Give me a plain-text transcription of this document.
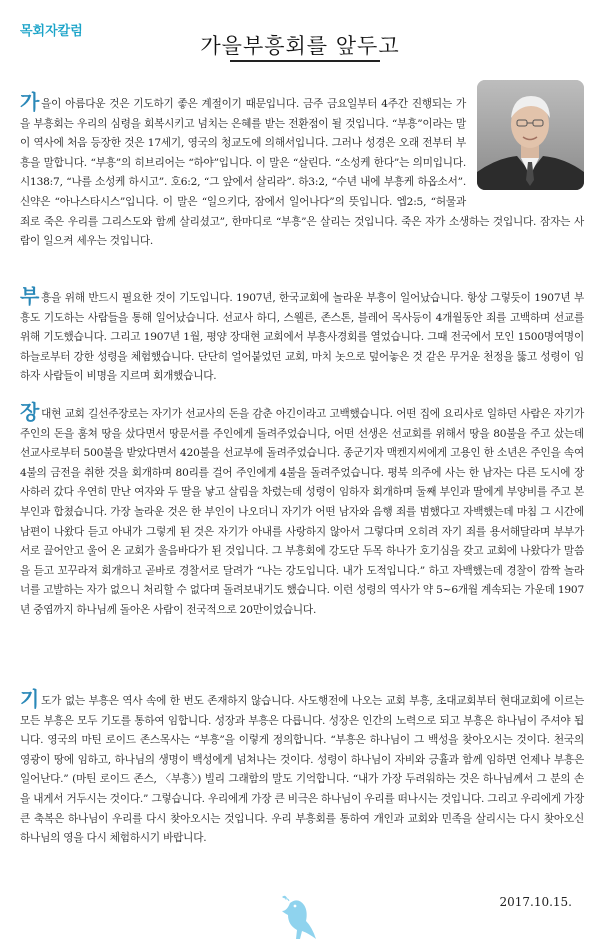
목회자칼럼
가을부흥회를 앞두고
가을이 아름다운 것은 기도하기 좋은 계절이기 때문입니다. 금주 금요일부터 4주간 진행되는 가을 부흥회는 우리의 심령을 회복시키고 넘치는 은혜를 받는 전환점이 될 것입니다. “부흥”이라는 말이 역사에 처음 등장한 것은 17세기, 영국의 청교도에 의해서입니다. 그러나 성경은 오래 전부터 부흥을 말합니다. “부흥”의 히브리어는 “하야”입니다. 이 말은 “살린다. “소성케 한다”는 의미입니다. 시138:7, “나를 소성케 하시고”. 호6:2, “그 앞에서 살리라”. 하3:2, “수년 내에 부흥케 하옵소서”. 신약은 “아나스타시스”입니다. 이 말은 “일으키다, 잠에서 일어나다”의 뜻입니다. 엡2:5, “허물과 죄로 죽은 우리를 그리스도와 함께 살리셨고”, 한마디로 “부흥”은 살리는 것입니다. 죽은 자가 소생하는 것입니다. 잠자는 사람이 일으켜 세우는 것입니다.
부흥을 위해 반드시 필요한 것이 기도입니다. 1907년, 한국교회에 놀라운 부흥이 일어났습니다. 항상 그렇듯이 1907년 부흥도 기도하는 사람들을 통해 일어났습니다. 선교사 하디, 스웰른, 존스톤, 블레어 목사등이 4개월동안 죄를 고백하며 선교를 위해 기도했습니다. 그리고 1907년 1월, 평양 장대현 교회에서 부흥사경회를 열었습니다. 그때 전국에서 모인 1500명여명이 하늘로부터 강한 성령을 체험했습니다. 단단히 얼어붙었던 교회, 마치 놋으로 덮어놓은 것 같은 무거운 천정을 뚫고 성령이 임하자 사람들이 비명을 지르며 회개했습니다.
장대현 교회 길선주장로는 자기가 선교사의 돈을 감춘 아긴이라고 고백했습니다. 어떤 집에 요리사로 일하던 사람은 자기가 주인의 돈을 훔쳐 땅을 샀다면서 땅문서를 주인에게 돌려주었습니다, 어떤 선생은 선교회를 위해서 땅을 80불을 주고 샀는데 선교사로부터 500불을 받았다면서 420불을 선교부에 돌려주었습니다. 종군기자 맥켄지씨에게 고용인 한 소년은 주인을 속여 4불의 금전을 취한 것을 회개하며 80리를 걸어 주인에게 4불을 돌려주었습니다. 평북 의주에 사는 한 남자는 다른 도시에 장사하러 갔다 우연히 만난 여자와 두 딸을 낳고 살림을 차렸는데 성령이 임하자 회개하며 둘째 부인과 딸에게 부양비를 주고 본부인과 합쳤습니다. 가장 놀라운 것은 한 부인이 나오더니 자기가 어떤 남자와 음행 죄를 범했다고 자백했는데 마침 그 시간에 남편이 나왔다 듣고 아내가 그렇게 된 것은 자기가 아내를 사랑하지 않아서 그렇다며 오히려 자기 죄를 용서해달라며 부부가 서로 끌어안고 울어 온 교회가 울음바다가 된 것입니다. 그 부흥회에 강도단 두목 하나가 호기심을 갖고 교회에 나왔다가 말씀을 듣고 꼬꾸라져 회개하고 곧바로 경찰서로 달려가 “나는 강도입니다. 내가 도적입니다.” 하고 자백했는데 경찰이 깜짝 놀라 너를 고발하는 자가 없으니 처리할 수 없다며 돌려보내기도 했습니다. 이런 성령의 역사가 약 5~6개월 계속되는 가운데 1907년 중엽까지 하나님께 돌아온 사람이 전국적으로 20만이었습니다.
기도가 없는 부흥은 역사 속에 한 번도 존재하지 않습니다. 사도행전에 나오는 교회 부흥, 초대교회부터 현대교회에 이르는 모든 부흥은 모두 기도를 통하여 임합니다. 성장과 부흥은 다릅니다. 성장은 인간의 노력으로 되고 부흥은 하나님이 주셔야 됩니다. 영국의 마틴 로이드 존스목사는 “부흥”을 이렇게 정의합니다. “부흥은 하나님이 그 백성을 찾아오시는 것이다. 천국의 영광이 땅에 임하고, 하나님의 생명이 백성에게 넘쳐나는 것이다. 성령이 하나님이 자비와 긍휼과 함께 임하면 언제나 부흥은 일어난다.” (마틴 로이드 존스, 〈부흥〉) 빌리 그래함의 말도 기억합니다. “내가 가장 두려워하는 것은 하나님께서 그 분의 손을 내게서 거두시는 것이다.” 그렇습니다. 우리에게 가장 큰 비극은 하나님이 우리를 떠나시는 것입니다. 그리고 우리에게 가장 큰 축복은 하나님이 우리를 다시 찾아오시는 것입니다. 우리 부흥회를 통하여 개인과 교회와 민족을 살리시는 다시 찾아오신 하나님의 영을 다시 체험하시기 바랍니다.
2017.10.15.
